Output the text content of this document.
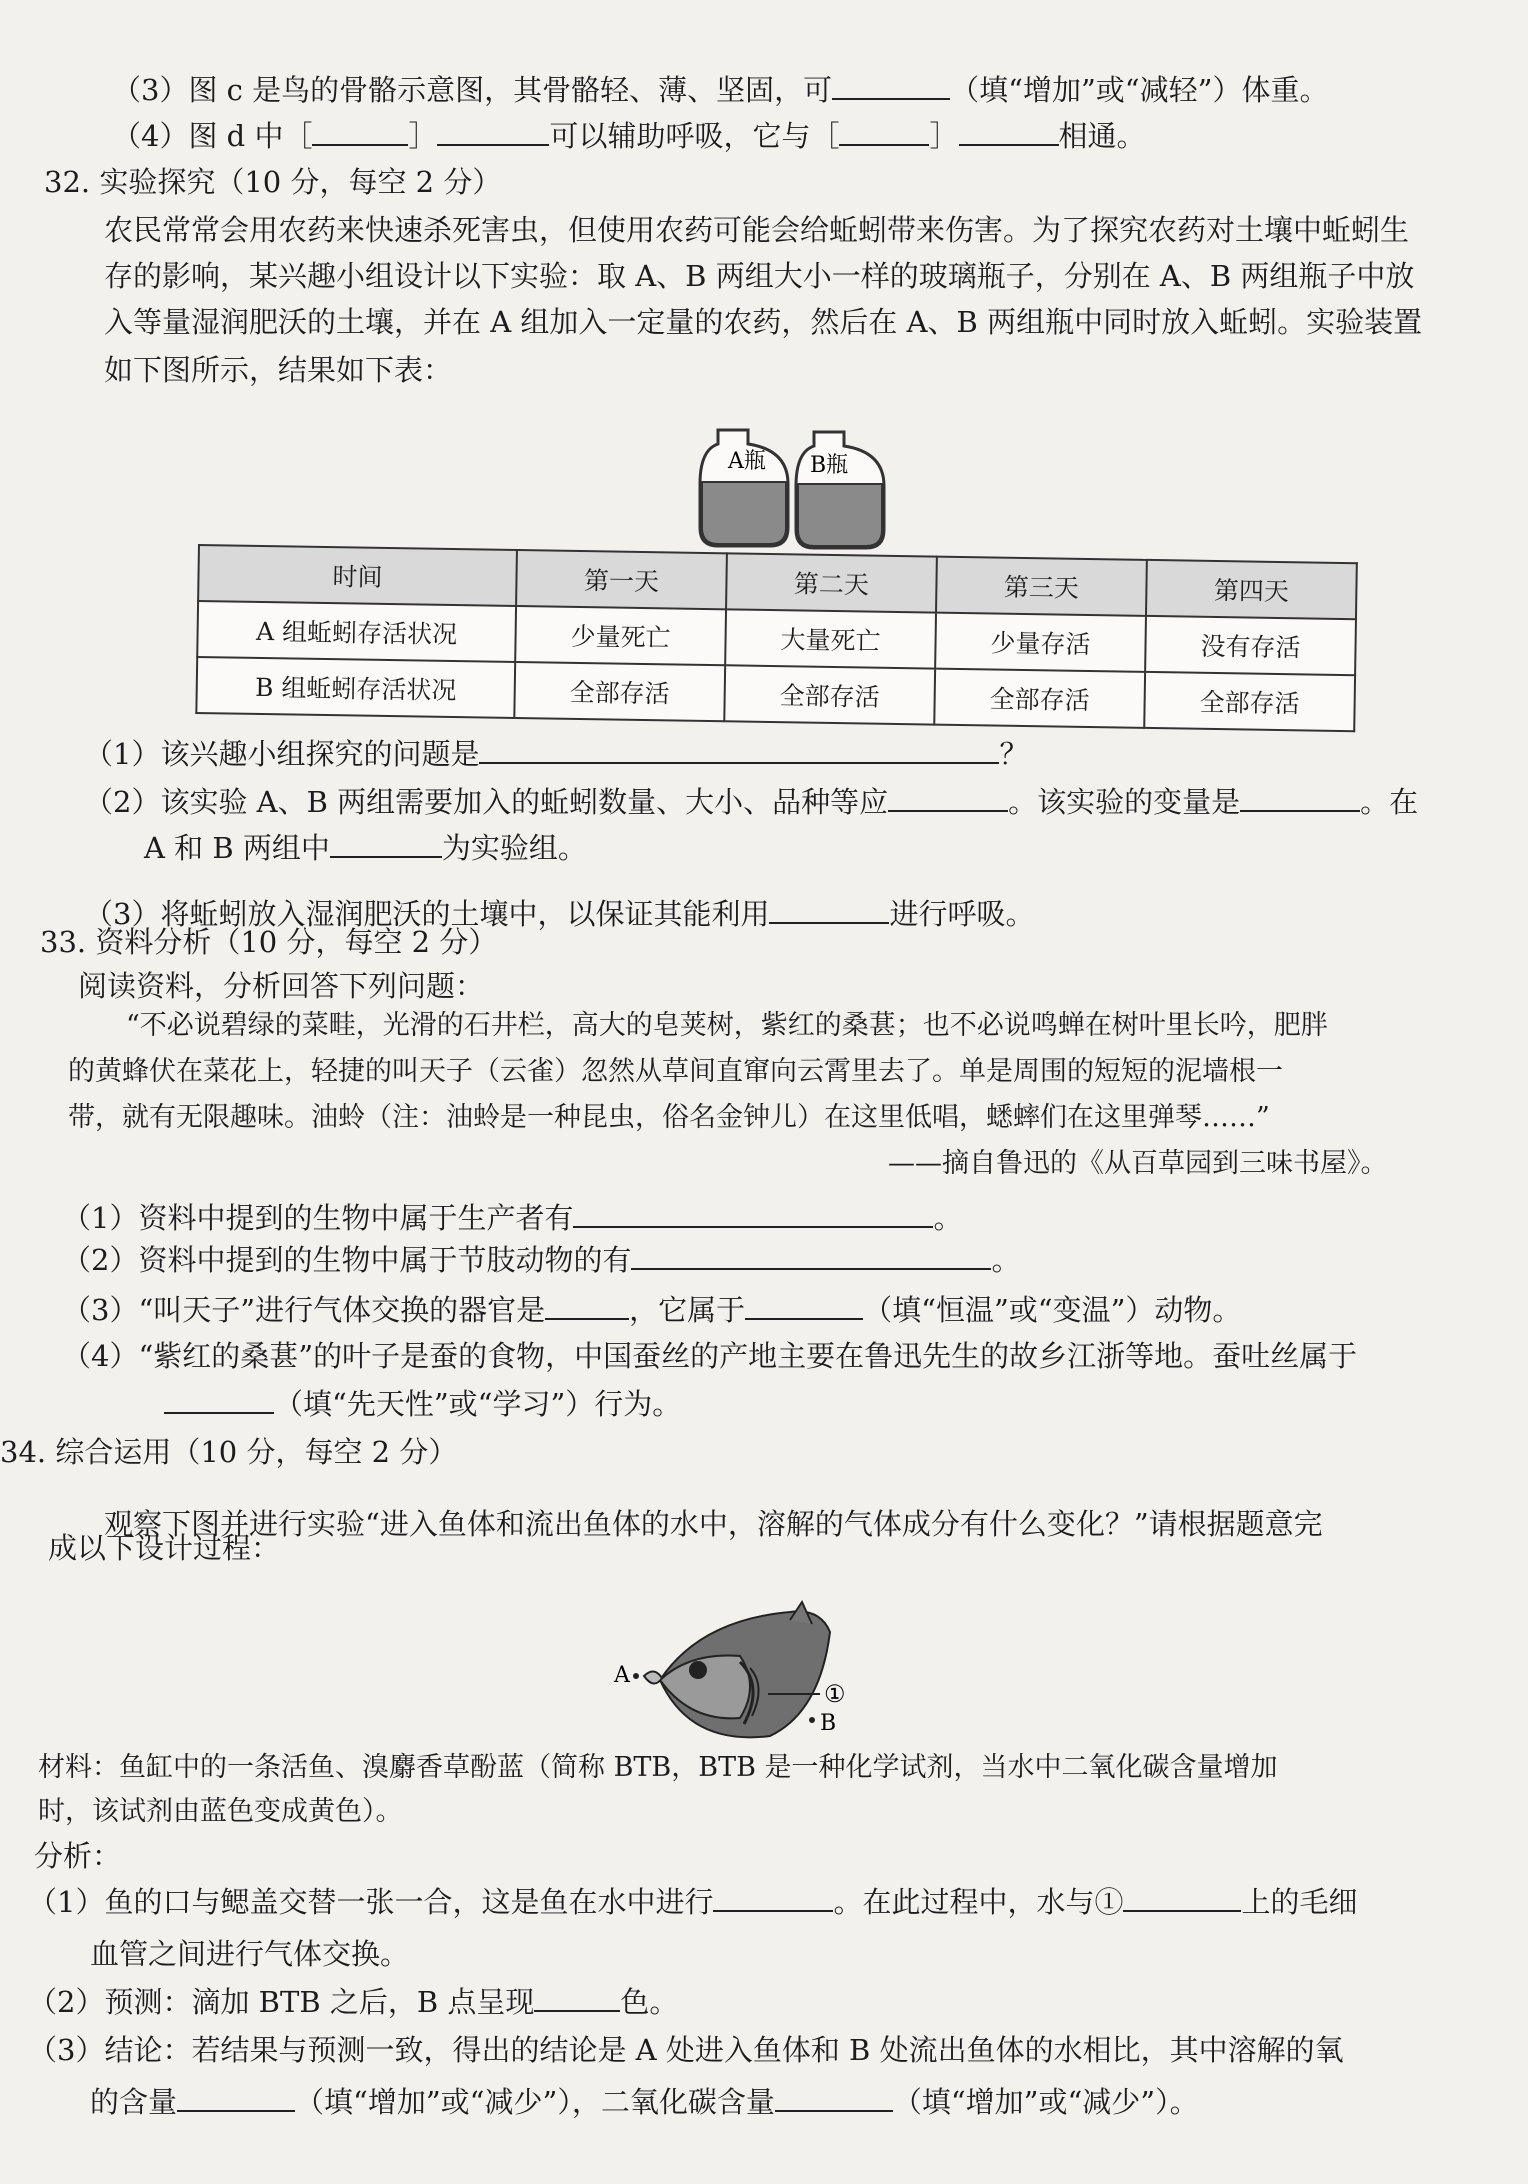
（3）图 c 是鸟的骨骼示意图，其骨骼轻、薄、坚固，可	（填“增加”或“减轻”）体重。
（4）图 d 中［	］	可以辅助呼吸，它与［	］	相通。
32. 实验探究（10 分，每空 2 分）
农民常常会用农药来快速杀死害虫，但使用农药可能会给蚯蚓带来伤害。为了探究农药对土壤中蚯蚓生
存的影响，某兴趣小组设计以下实验：取 A、B 两组大小一样的玻璃瓶子，分别在 A、B 两组瓶子中放
入等量湿润肥沃的土壤，并在 A 组加入一定量的农药，然后在 A、B 两组瓶中同时放入蚯蚓。实验装置
如下图所示，结果如下表：
A瓶 B瓶
时间	第一天	第二天	第三天	第四天
A 组蚯蚓存活状况	少量死亡	大量死亡	少量存活	没有存活
B 组蚯蚓存活状况	全部存活	全部存活	全部存活	全部存活
（1）该兴趣小组探究的问题是	？
（2）该实验 A、B 两组需要加入的蚯蚓数量、大小、品种等应	。该实验的变量是	。在
A 和 B 两组中	为实验组。
（3）将蚯蚓放入湿润肥沃的土壤中，以保证其能利用	进行呼吸。
33. 资料分析（10 分，每空 2 分）
阅读资料，分析回答下列问题：
“不必说碧绿的菜畦，光滑的石井栏，高大的皂荚树，紫红的桑葚；也不必说鸣蝉在树叶里长吟，肥胖
的黄蜂伏在菜花上，轻捷的叫天子（云雀）忽然从草间直窜向云霄里去了。单是周围的短短的泥墙根一
带，就有无限趣味。油蛉（注：油蛉是一种昆虫，俗名金钟儿）在这里低唱，蟋蟀们在这里弹琴……”
——摘自鲁迅的《从百草园到三味书屋》。
（1）资料中提到的生物中属于生产者有	。
（2）资料中提到的生物中属于节肢动物的有	。
（3）“叫天子”进行气体交换的器官是	，它属于	（填“恒温”或“变温”）动物。
（4）“紫红的桑葚”的叶子是蚕的食物，中国蚕丝的产地主要在鲁迅先生的故乡江浙等地。蚕吐丝属于
（填“先天性”或“学习”）行为。
34. 综合运用（10 分，每空 2 分）
观察下图并进行实验“进入鱼体和流出鱼体的水中，溶解的气体成分有什么变化？”请根据题意完
成以下设计过程：
A
①
B
材料：鱼缸中的一条活鱼、溴麝香草酚蓝（简称 BTB，BTB 是一种化学试剂，当水中二氧化碳含量增加
时，该试剂由蓝色变成黄色）。
分析：
（1）鱼的口与鳃盖交替一张一合，这是鱼在水中进行	。在此过程中，水与①	上的毛细
血管之间进行气体交换。
（2）预测：滴加 BTB 之后，B 点呈现	色。
（3）结论：若结果与预测一致，得出的结论是 A 处进入鱼体和 B 处流出鱼体的水相比，其中溶解的氧
的含量	（填“增加”或“减少”），二氧化碳含量	（填“增加”或“减少”）。
